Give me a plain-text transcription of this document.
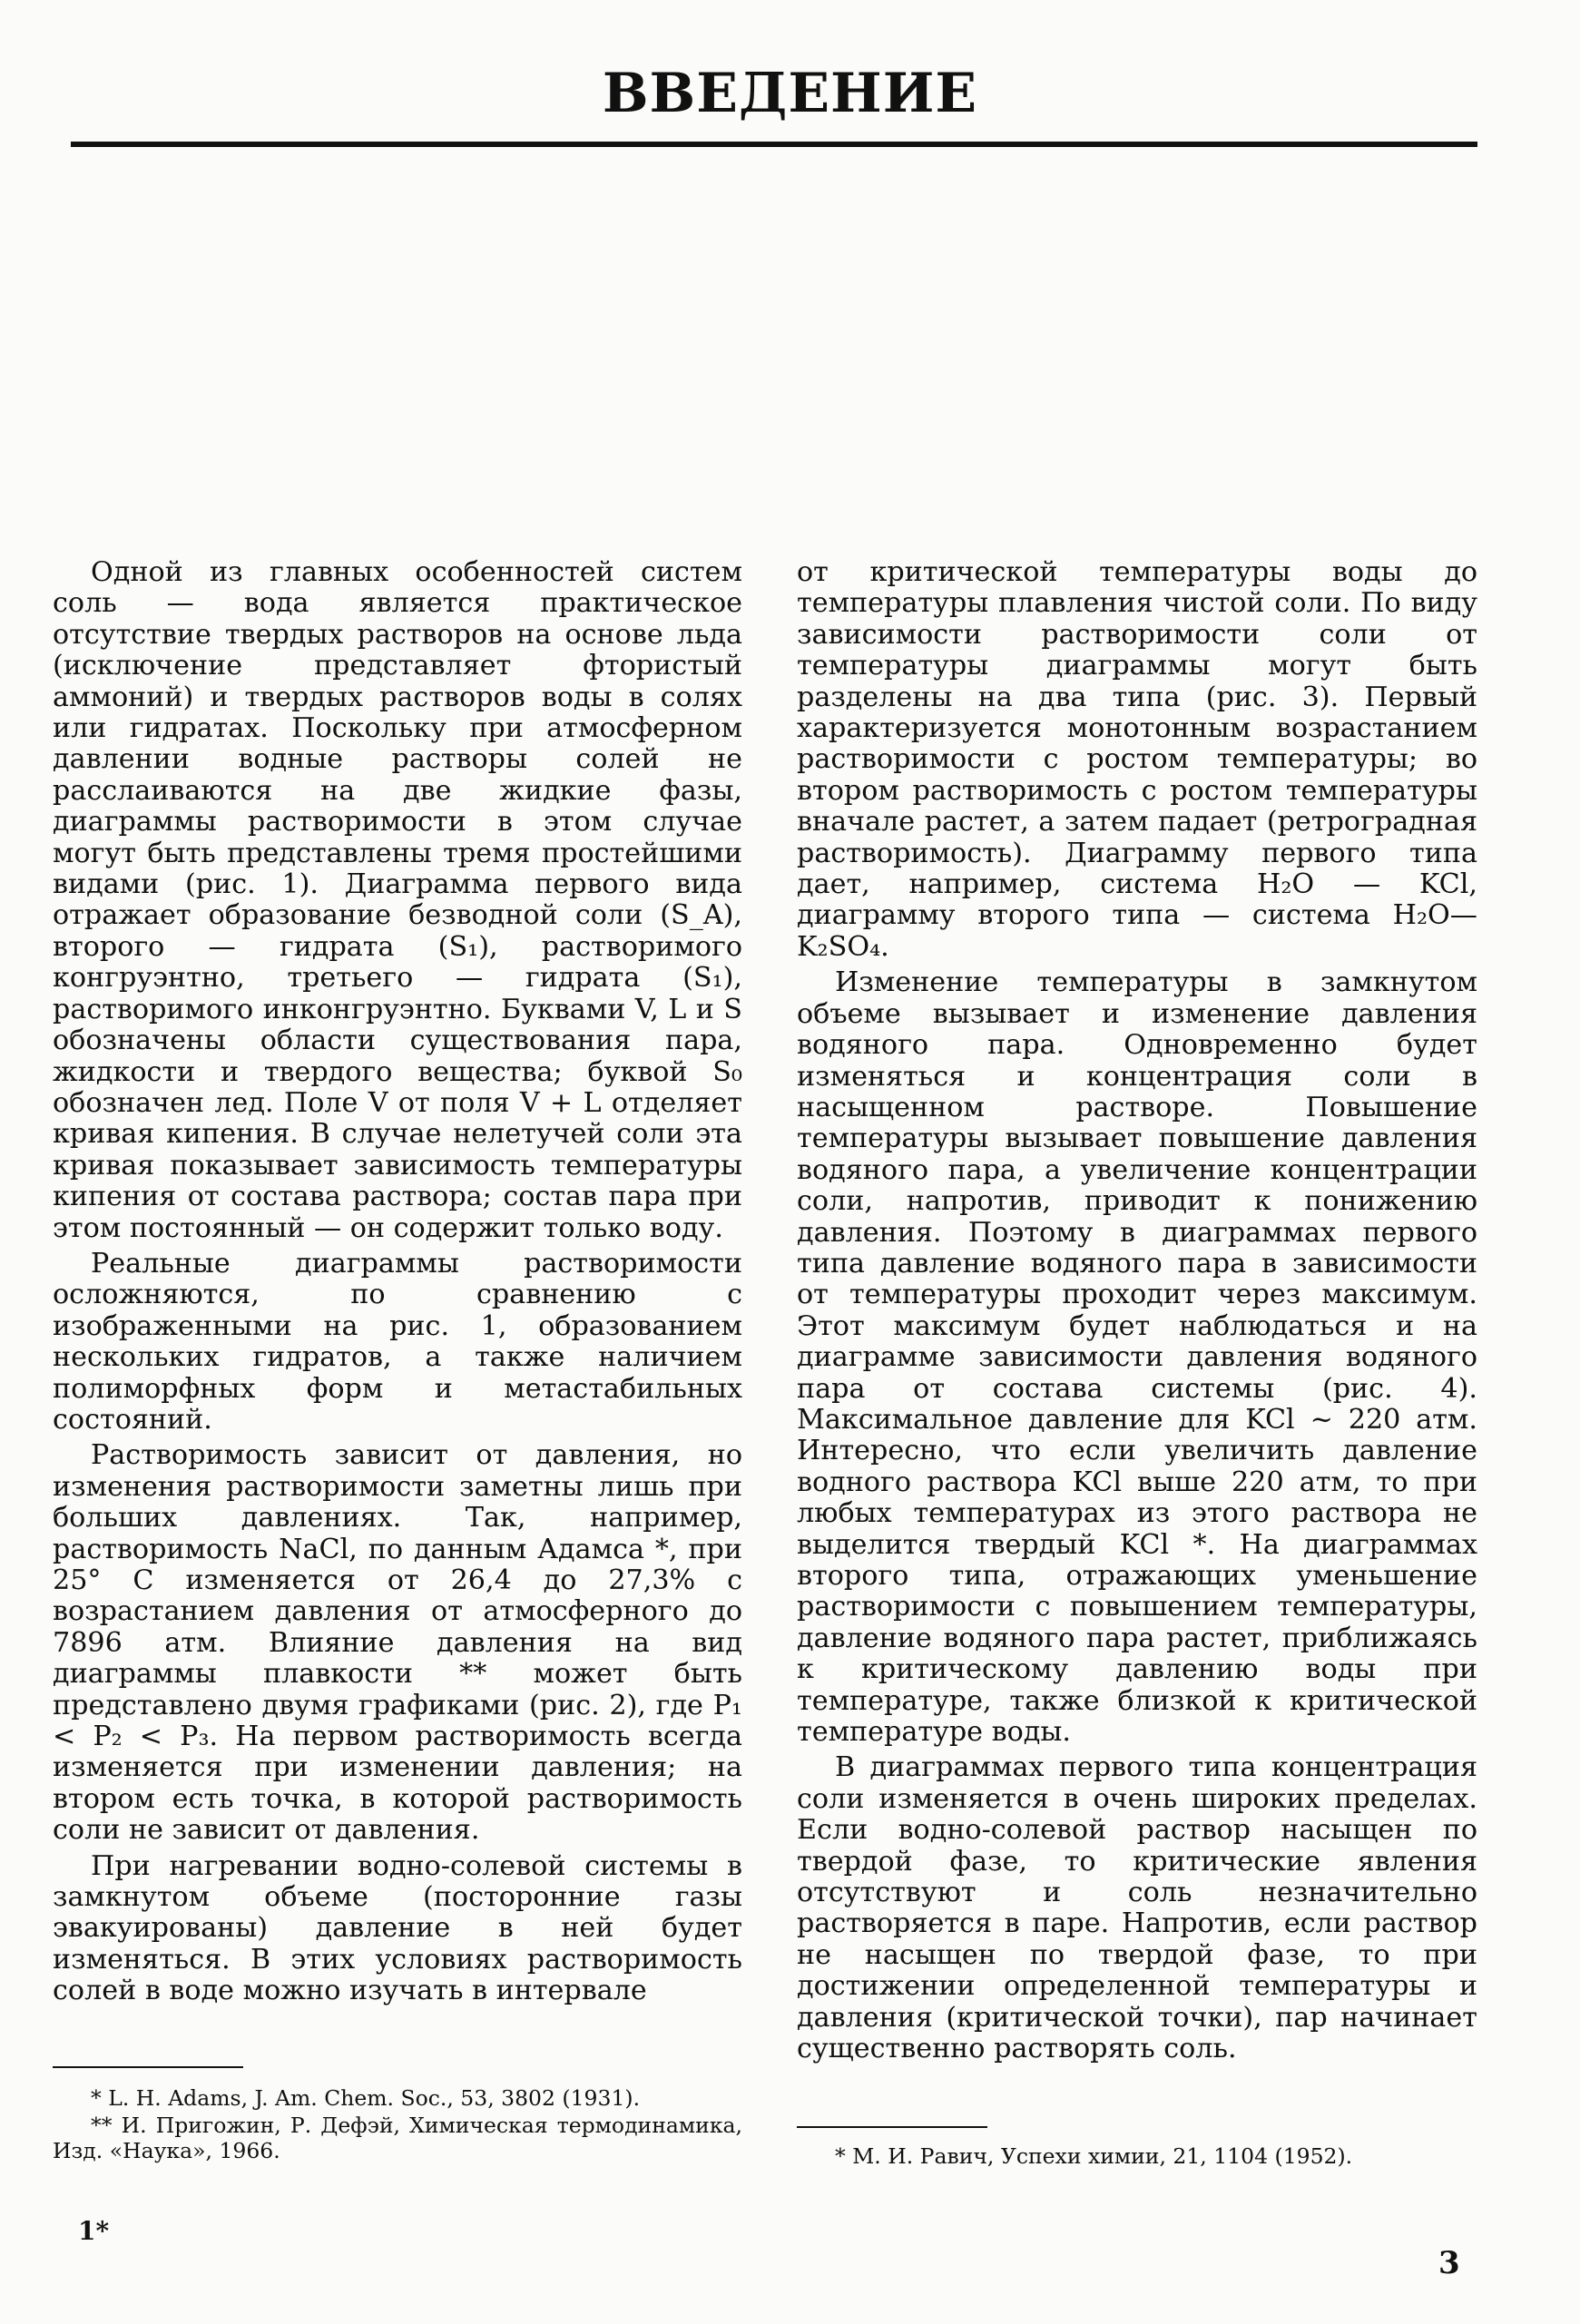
ВВЕДЕНИЕ

Одной из главных особенностей систем соль — вода является практическое отсутствие твердых растворов на основе льда (исключение представляет фтористый аммоний) и твердых растворов воды в солях или гидратах. Поскольку при атмосферном давлении водные растворы солей не расслаиваются на две жидкие фазы, диаграммы растворимости в этом случае могут быть представлены тремя простейшими видами (рис. 1). Диаграмма первого вида отражает образование безводной соли (S_A), второго — гидрата (S₁), растворимого конгруэнтно, третьего — гидрата (S₁), растворимого инконгруэнтно. Буквами V, L и S обозначены области существования пара, жидкости и твердого вещества; буквой S₀ обозначен лед. Поле V от поля V + L отделяет кривая кипения. В случае нелетучей соли эта кривая показывает зависимость температуры кипения от состава раствора; состав пара при этом постоянный — он содержит только воду.

Реальные диаграммы растворимости осложняются, по сравнению с изображенными на рис. 1, образованием нескольких гидратов, а также наличием полиморфных форм и метастабильных состояний.

Растворимость зависит от давления, но изменения растворимости заметны лишь при больших давлениях. Так, например, растворимость NaCl, по данным Адамса *, при 25° С изменяется от 26,4 до 27,3% с возрастанием давления от атмосферного до 7896 атм. Влияние давления на вид диаграммы плавкости ** может быть представлено двумя графиками (рис. 2), где P₁ < P₂ < P₃. На первом растворимость всегда изменяется при изменении давления; на втором есть точка, в которой растворимость соли не зависит от давления.

При нагревании водно-солевой системы в замкнутом объеме (посторонние газы эвакуированы) давление в ней будет изменяться. В этих условиях растворимость солей в воде можно изучать в интервале

от критической температуры воды до температуры плавления чистой соли. По виду зависимости растворимости соли от температуры диаграммы могут быть разделены на два типа (рис. 3). Первый характеризуется монотонным возрастанием растворимости с ростом температуры; во втором растворимость с ростом температуры вначале растет, а затем падает (ретроградная растворимость). Диаграмму первого типа дает, например, система H₂O — KCl, диаграмму второго типа — система H₂O— K₂SO₄.

Изменение температуры в замкнутом объеме вызывает и изменение давления водяного пара. Одновременно будет изменяться и концентрация соли в насыщенном растворе. Повышение температуры вызывает повышение давления водяного пара, а увеличение концентрации соли, напротив, приводит к понижению давления. Поэтому в диаграммах первого типа давление водяного пара в зависимости от температуры проходит через максимум. Этот максимум будет наблюдаться и на диаграмме зависимости давления водяного пара от состава системы (рис. 4). Максимальное давление для KCl ~ 220 атм. Интересно, что если увеличить давление водного раствора KCl выше 220 атм, то при любых температурах из этого раствора не выделится твердый KCl *. На диаграммах второго типа, отражающих уменьшение растворимости с повышением температуры, давление водяного пара растет, приближаясь к критическому давлению воды при температуре, также близкой к критической температуре воды.

В диаграммах первого типа концентрация соли изменяется в очень широких пределах. Если водно-солевой раствор насыщен по твердой фазе, то критические явления отсутствуют и соль незначительно растворяется в паре. Напротив, если раствор не насыщен по твердой фазе, то при достижении определенной температуры и давления (критической точки), пар начинает существенно растворять соль.

* L. H. Adams, J. Am. Chem. Soc., 53, 3802 (1931).

** И. Пригожин, Р. Дефэй, Химическая термодинамика, Изд. «Наука», 1966.	* М. И. Равич, Успехи химии, 21, 1104 (1952).

1*
3
